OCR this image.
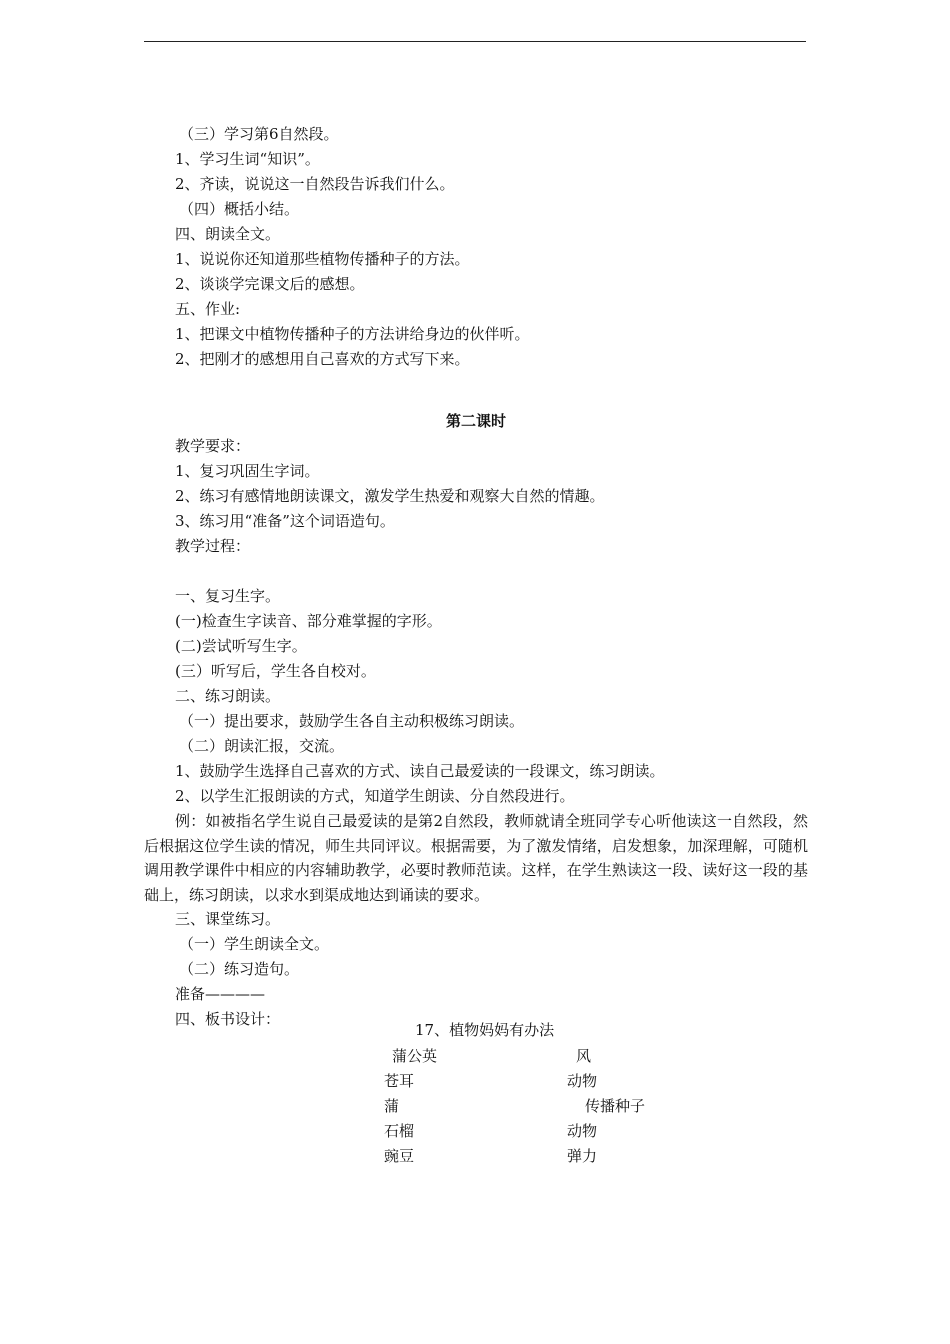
（三）学习第6自然段。
1、学习生词“知识”。
2、齐读，说说这一自然段告诉我们什么。
（四）概括小结。
四、朗读全文。
1、说说你还知道那些植物传播种子的方法。
2、谈谈学完课文后的感想。
五、作业:
1、把课文中植物传播种子的方法讲给身边的伙伴听。
2、把刚才的感想用自己喜欢的方式写下来。
第二课时
教学要求：
1、复习巩固生字词。
2、练习有感情地朗读课文，激发学生热爱和观察大自然的情趣。
3、练习用“准备”这个词语造句。
教学过程：
一、复习生字。
(一)检查生字读音、部分难掌握的字形。
(二)尝试听写生字。
(三）听写后，学生各自校对。
二、练习朗读。
（一）提出要求，鼓励学生各自主动积极练习朗读。
（二）朗读汇报，交流。
1、鼓励学生选择自己喜欢的方式、读自己最爱读的一段课文，练习朗读。
2、以学生汇报朗读的方式，知道学生朗读、分自然段进行。
例：如被指名学生说自己最爱读的是第2自然段，教师就请全班同学专心听他读这一自然段，然后根据这位学生读的情况，师生共同评议。根据需要，为了激发情绪，启发想象，加深理解，可随机调用教学课件中相应的内容辅助教学，必要时教师范读。这样，在学生熟读这一段、读好这一段的基础上，练习朗读，以求水到渠成地达到诵读的要求。
三、课堂练习。
（一）学生朗读全文。
（二）练习造句。
准备————
四、板书设计：
17、植物妈妈有办法
蒲公英
苍耳
蒲
石榴
豌豆
风
动物
传播种子
动物
弹力
